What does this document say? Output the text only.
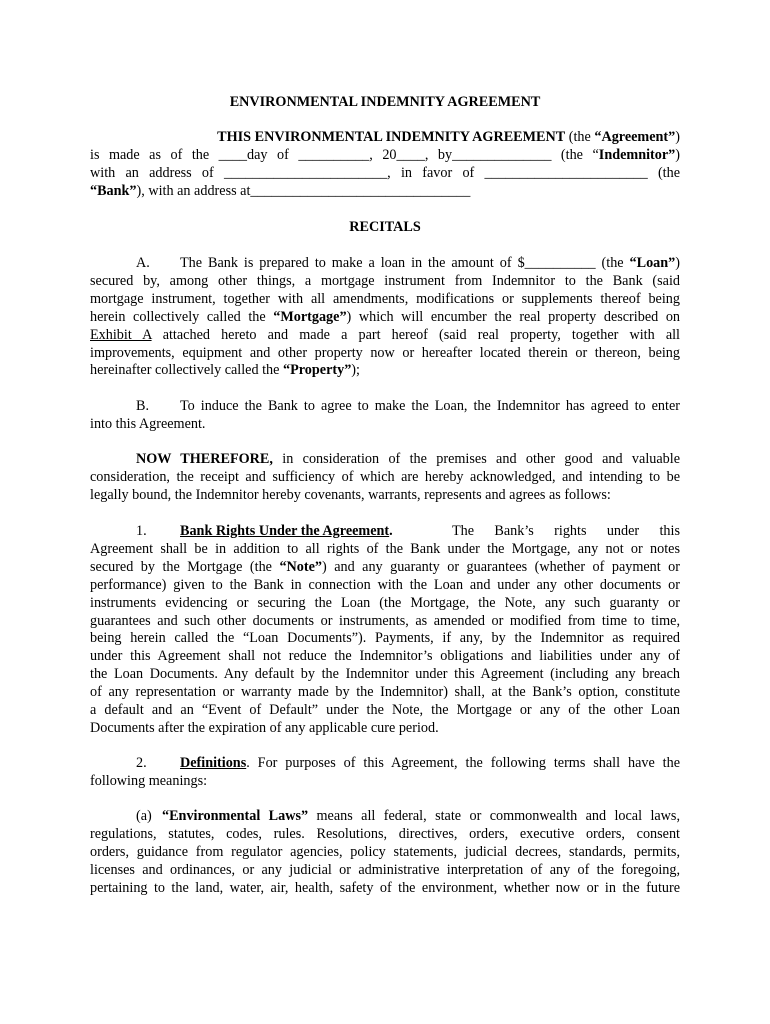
ENVIRONMENTAL INDEMNITY AGREEMENT
THIS ENVIRONMENTAL INDEMNITY AGREEMENT (the “Agreement”)
is made as of the ____day of __________, 20____, by______________ (the “Indemnitor”)
with an address of _______________________, in favor of _______________________ (the
“Bank”), with an address at_______________________________
RECITALS
A. The Bank is prepared to make a loan in the amount of $__________ (the “Loan”)
secured by, among other things, a mortgage instrument from Indemnitor to the Bank (said
mortgage instrument, together with all amendments, modifications or supplements thereof being
herein collectively called the “Mortgage”) which will encumber the real property described on
Exhibit A attached hereto and made a part hereof (said real property, together with all
improvements, equipment and other property now or hereafter located therein or thereon, being
hereinafter collectively called the “Property”);
B. To induce the Bank to agree to make the Loan, the Indemnitor has agreed to enter
into this Agreement.
NOW THEREFORE, in consideration of the premises and other good and valuable
consideration, the receipt and sufficiency of which are hereby acknowledged, and intending to be
legally bound, the Indemnitor hereby covenants, warrants, represents and agrees as follows:
1. Bank Rights Under the Agreement.	The Bank’s rights under this
Agreement shall be in addition to all rights of the Bank under the Mortgage, any not or notes
secured by the Mortgage (the “Note”) and any guaranty or guarantees (whether of payment or
performance) given to the Bank in connection with the Loan and under any other documents or
instruments evidencing or securing the Loan (the Mortgage, the Note, any such guaranty or
guarantees and such other documents or instruments, as amended or modified from time to time,
being herein called the “Loan Documents”). Payments, if any, by the Indemnitor as required
under this Agreement shall not reduce the Indemnitor’s obligations and liabilities under any of
the Loan Documents. Any default by the Indemnitor under this Agreement (including any breach
of any representation or warranty made by the Indemnitor) shall, at the Bank’s option, constitute
a default and an “Event of Default” under the Note, the Mortgage or any of the other Loan
Documents after the expiration of any applicable cure period.
2. Definitions. For purposes of this Agreement, the following terms shall have the
following meanings:
(a) “Environmental Laws” means all federal, state or commonwealth and local laws,
regulations, statutes, codes, rules. Resolutions, directives, orders, executive orders, consent
orders, guidance from regulator agencies, policy statements, judicial decrees, standards, permits,
licenses and ordinances, or any judicial or administrative interpretation of any of the foregoing,
pertaining to the land, water, air, health, safety of the environment, whether now or in the future
